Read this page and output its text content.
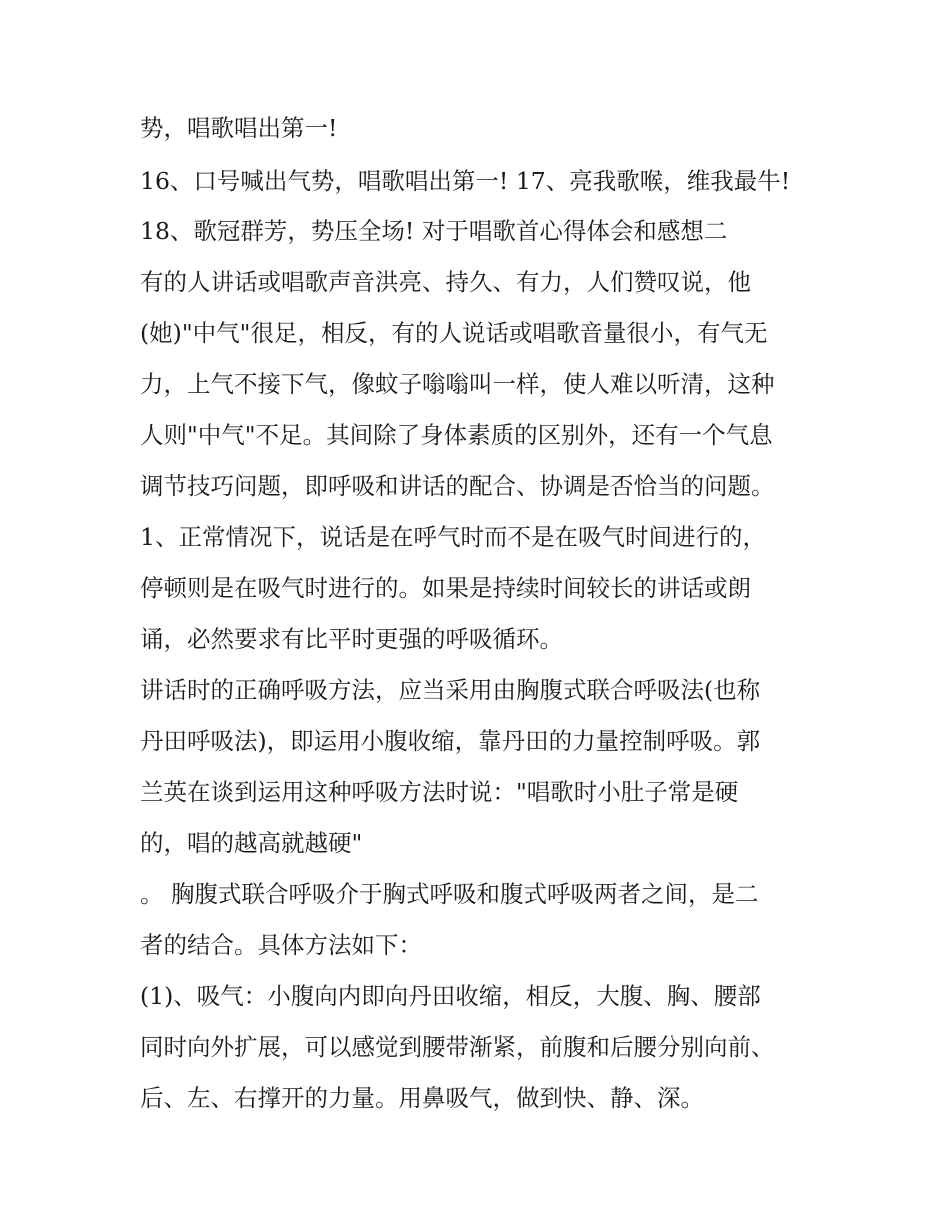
势，唱歌唱出第一!
16、口号喊出气势，唱歌唱出第一! 17、亮我歌喉，维我最牛!
18、歌冠群芳，势压全场! 对于唱歌首心得体会和感想二
有的人讲话或唱歌声音洪亮、持久、有力，人们赞叹说，他
(她)"中气"很足，相反，有的人说话或唱歌音量很小，有气无
力，上气不接下气，像蚊子嗡嗡叫一样，使人难以听清，这种
人则"中气"不足。其间除了身体素质的区别外，还有一个气息
调节技巧问题，即呼吸和讲话的配合、协调是否恰当的问题。
1、正常情况下，说话是在呼气时而不是在吸气时间进行的，
停顿则是在吸气时进行的。如果是持续时间较长的讲话或朗
诵，必然要求有比平时更强的呼吸循环。
讲话时的正确呼吸方法，应当采用由胸腹式联合呼吸法(也称
丹田呼吸法)，即运用小腹收缩，靠丹田的力量控制呼吸。郭
兰英在谈到运用这种呼吸方法时说："唱歌时小肚子常是硬
的，唱的越高就越硬"
。 胸腹式联合呼吸介于胸式呼吸和腹式呼吸两者之间，是二
者的结合。具体方法如下：
(1)、吸气：小腹向内即向丹田收缩，相反，大腹、胸、腰部
同时向外扩展，可以感觉到腰带渐紧，前腹和后腰分别向前、
后、左、右撑开的力量。用鼻吸气，做到快、静、深。
